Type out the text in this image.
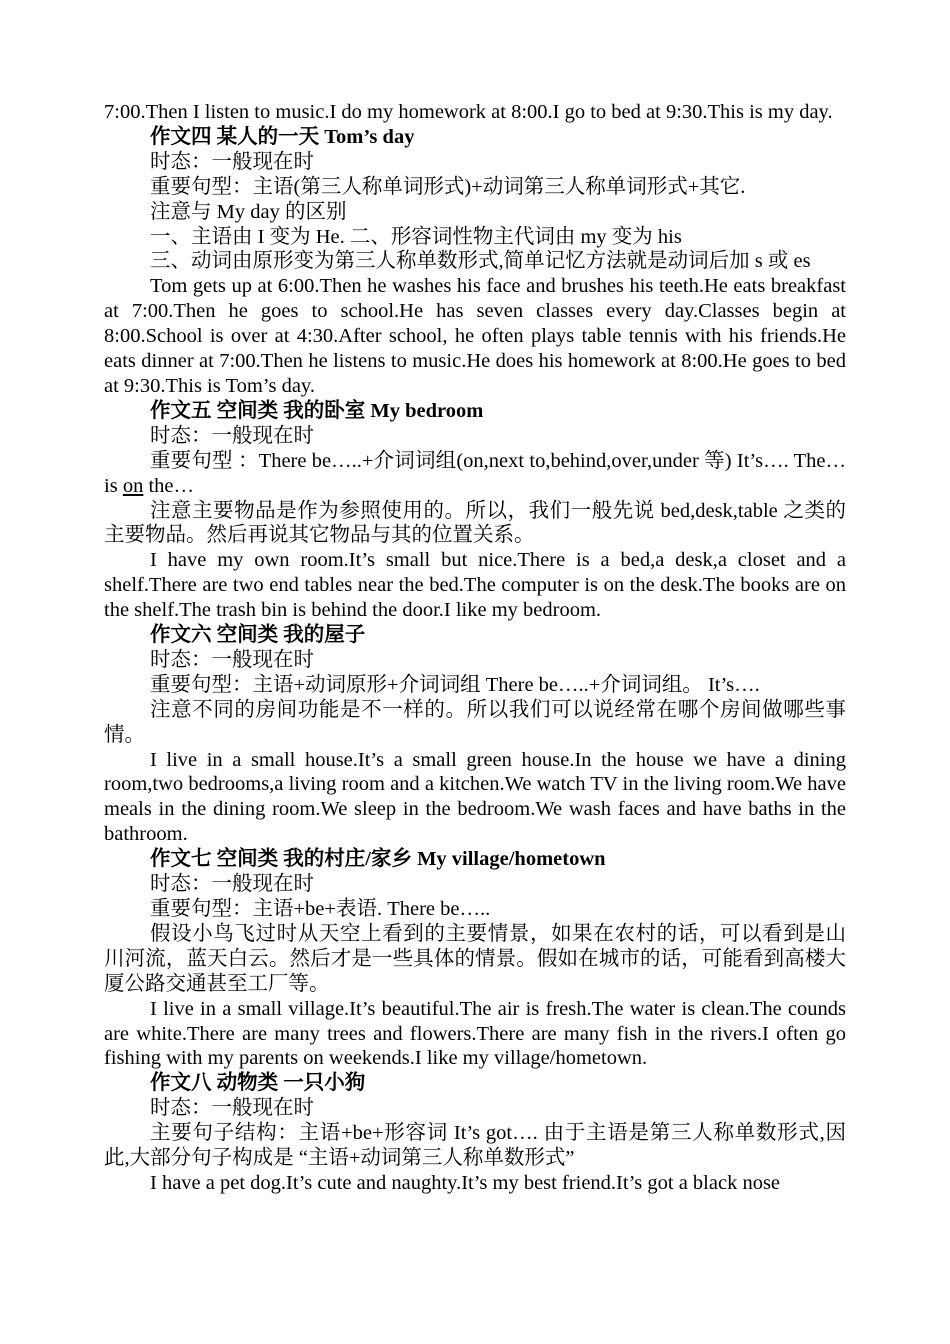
7:00.Then I listen to music.I do my homework at 8:00.I go to bed at 9:30.This is my day.

作文四 某人的一天 Tom’s day

时态：一般现在时

重要句型：主语(第三人称单词形式)+动词第三人称单词形式+其它.

注意与 My day 的区别

一、主语由 I 变为 He. 二、形容词性物主代词由 my 变为 his

三、动词由原形变为第三人称单数形式,简单记忆方法就是动词后加 s 或 es

Tom gets up at 6:00.Then he washes his face and brushes his teeth.He eats breakfast at 7:00.Then he goes to school.He has seven classes every day.Classes begin at 8:00.School is over at 4:30.After school, he often plays table tennis with his friends.He eats dinner at 7:00.Then he listens to music.He does his homework at 8:00.He goes to bed at 9:30.This is Tom’s day.

作文五 空间类 我的卧室 My bedroom

时态：一般现在时

重要句型 ：There be…..+介词词组(on,next to,behind,over,under 等) It’s…. The…is on the…

注意主要物品是作为参照使用的。所以，我们一般先说 bed,desk,table 之类的主要物品。然后再说其它物品与其的位置关系。

I have my own room.It’s small but nice.There is a bed,a desk,a closet and a shelf.There are two end tables near the bed.The computer is on the desk.The books are on the shelf.The trash bin is behind the door.I like my bedroom.

作文六 空间类 我的屋子

时态：一般现在时

重要句型：主语+动词原形+介词词组 There be…..+介词词组。 It’s….

注意不同的房间功能是不一样的。所以我们可以说经常在哪个房间做哪些事情。

I live in a small house.It’s a small green house.In the house we have a dining room,two bedrooms,a living room and a kitchen.We watch TV in the living room.We have meals in the dining room.We sleep in the bedroom.We wash faces and have baths in the bathroom.

作文七 空间类 我的村庄/家乡 My village/hometown

时态：一般现在时

重要句型：主语+be+表语. There be…..

假设小鸟飞过时从天空上看到的主要情景，如果在农村的话，可以看到是山川河流，蓝天白云。然后才是一些具体的情景。假如在城市的话，可能看到高楼大厦公路交通甚至工厂等。

I live in a small village.It’s beautiful.The air is fresh.The water is clean.The counds are white.There are many trees and flowers.There are many fish in the rivers.I often go fishing with my parents on weekends.I like my village/hometown.

作文八 动物类 一只小狗

时态：一般现在时

主要句子结构：主语+be+形容词 It’s got…. 由于主语是第三人称单数形式,因此,大部分句子构成是 “主语+动词第三人称单数形式”

I have a pet dog.It’s cute and naughty.It’s my best friend.It’s got a black nose
